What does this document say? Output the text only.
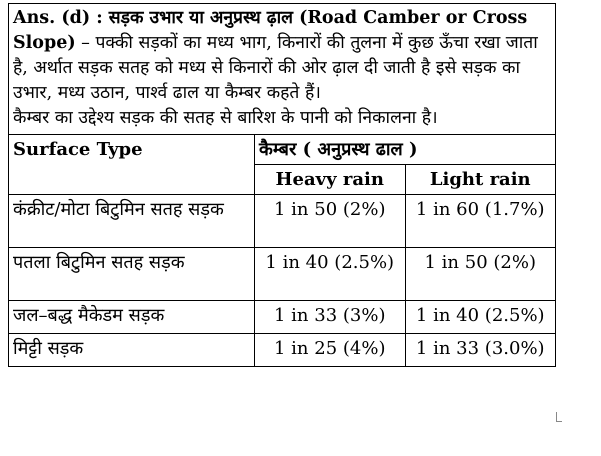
Ans. (d) : सड़क उभार या अनुप्रस्थ ढ़ाल (Road Camber or Cross Slope) – पक्की सड़कों का मध्य भाग, किनारों की तुलना में कुछ ऊँचा रखा जाता है, अर्थात सड़क सतह को मध्य से किनारों की ओर ढ़ाल दी जाती है इसे सड़क का उभार, मध्य उठान, पार्श्व ढाल या कैम्बर कहते हैं।
कैम्बर का उद्देश्य सड़क की सतह से बारिश के पानी को निकालना है।
Surface Type	कैम्बर ( अनुप्रस्थ ढाल )	
	Heavy rain	Light rain
कंक्रीट/मोटा बिटुमिन सतह सड़क	1 in 50 (2%)	1 in 60 (1.7%)
पतला बिटुमिन सतह सड़क	1 in 40 (2.5%)	1 in 50 (2%)
जल–बद्ध मैकेडम सड़क	1 in 33 (3%)	1 in 40 (2.5%)
मिट्टी सड़क	1 in 25 (4%)	1 in 33 (3.0%)
